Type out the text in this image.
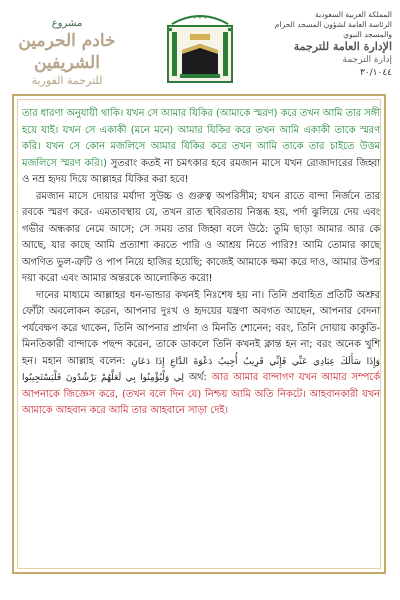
مشروع
خادم الحرمين الشريفين
للترجمة الفورية
✦ ✦ ✦	المملكة العربية السعودية
الرئاسة العامة لشؤون المسجد الحرام والمسجد النبوي
الإدارة العامة للترجمة
إدارة الترجمة
٣٠/١٠٤٤

তার ধারণা অনুযায়ী থাকি। যখন সে আমার যিকির (আমাকে স্মরণ) করে তখন আমি তার সঙ্গী হয়ে যাই। যখন সে একাকী (মনে মনে) আমার যিকির করে তখন আমি একাকী তাকে স্মরণ করি। যখন সে কোন মজলিসে আমার যিকির করে তখন আমি তাকে তার চাইতে উত্তম মজলিসে স্মরণ করি।) সুতরাং কতই না চমৎকার হবে রমজান মাসে যখন রোজাদারের জিহ্বা ও নম্র হৃদয় দিয়ে আল্লাহর যিকির করা হবে!

রমজান মাসে দোয়ার মর্যাদা সুউচ্চ ও গুরুত্ব অপরিসীম; যখন রাতে বান্দা নির্জনে তার রবকে স্মরণ করে- এমতাবস্থায় যে, তখন রাত স্থবিরতায় নিস্তব্ধ হয়, পর্দা ঝুলিয়ে দেয় এবং গভীর অন্ধকার নেমে আসে; সে সময় তার জিহ্বা বলে উঠে: তুমি ছাড়া আমার আর কে আছে, যার কাছে আমি প্রত্যাশা করতে পারি ও আশ্রয় নিতে পারি?! আমি তোমার কাছে অগণিত ভুল-ত্রুটি ও পাপ নিয়ে হাজির হয়েছি; কাজেই আমাকে ক্ষমা করে দাও, আমার উপর দয়া করো এবং আমার অন্তরকে আলোকিত করো!

দানের মাধ্যমে আল্লাহর ধন-ভান্ডার কখনই নিঃশেষ হয় না। তিনি প্রবাহিত প্রতিটি অশ্রুর ফোঁটা অবলোকন করেন, আপনার দুঃখ ও হৃদয়ের যন্ত্রণা অবগত আছেন, আপনার বেদনা পর্যবেক্ষণ করে থাকেন, তিনি আপনার প্রার্থনা ও মিনতি শোনেন; বরং, তিনি দোয়ায় কাকুতি-মিনতিকারী বান্দাকে পছন্দ করেন, তাকে ডাকলে তিনি কখনই ক্লান্ত হন না; বরং অনেক খুশি হন। মহান আল্লাহ বলেন: وَإِذَا سَأَلَكَ عِبَادِي عَنِّي فَإِنِّي قَرِيبٌ أُجِيبُ دَعْوَةَ الدَّاعِ إِذَا دَعَانِ فَلْيَسْتَجِيبُوا لِي وَلْيُؤْمِنُوا بِي لَعَلَّهُمْ يَرْشُدُونَ অর্থ: আর আমার বান্দাগণ যখন আমার সম্পর্কে আপনাকে জিজ্ঞেস করে, (তখন বলে দিন যে) নিশ্চয় আমি অতি নিকটে। আহবানকারী যখন আমাকে আহবান করে আমি তার আহবানে সাড়া দেই।
